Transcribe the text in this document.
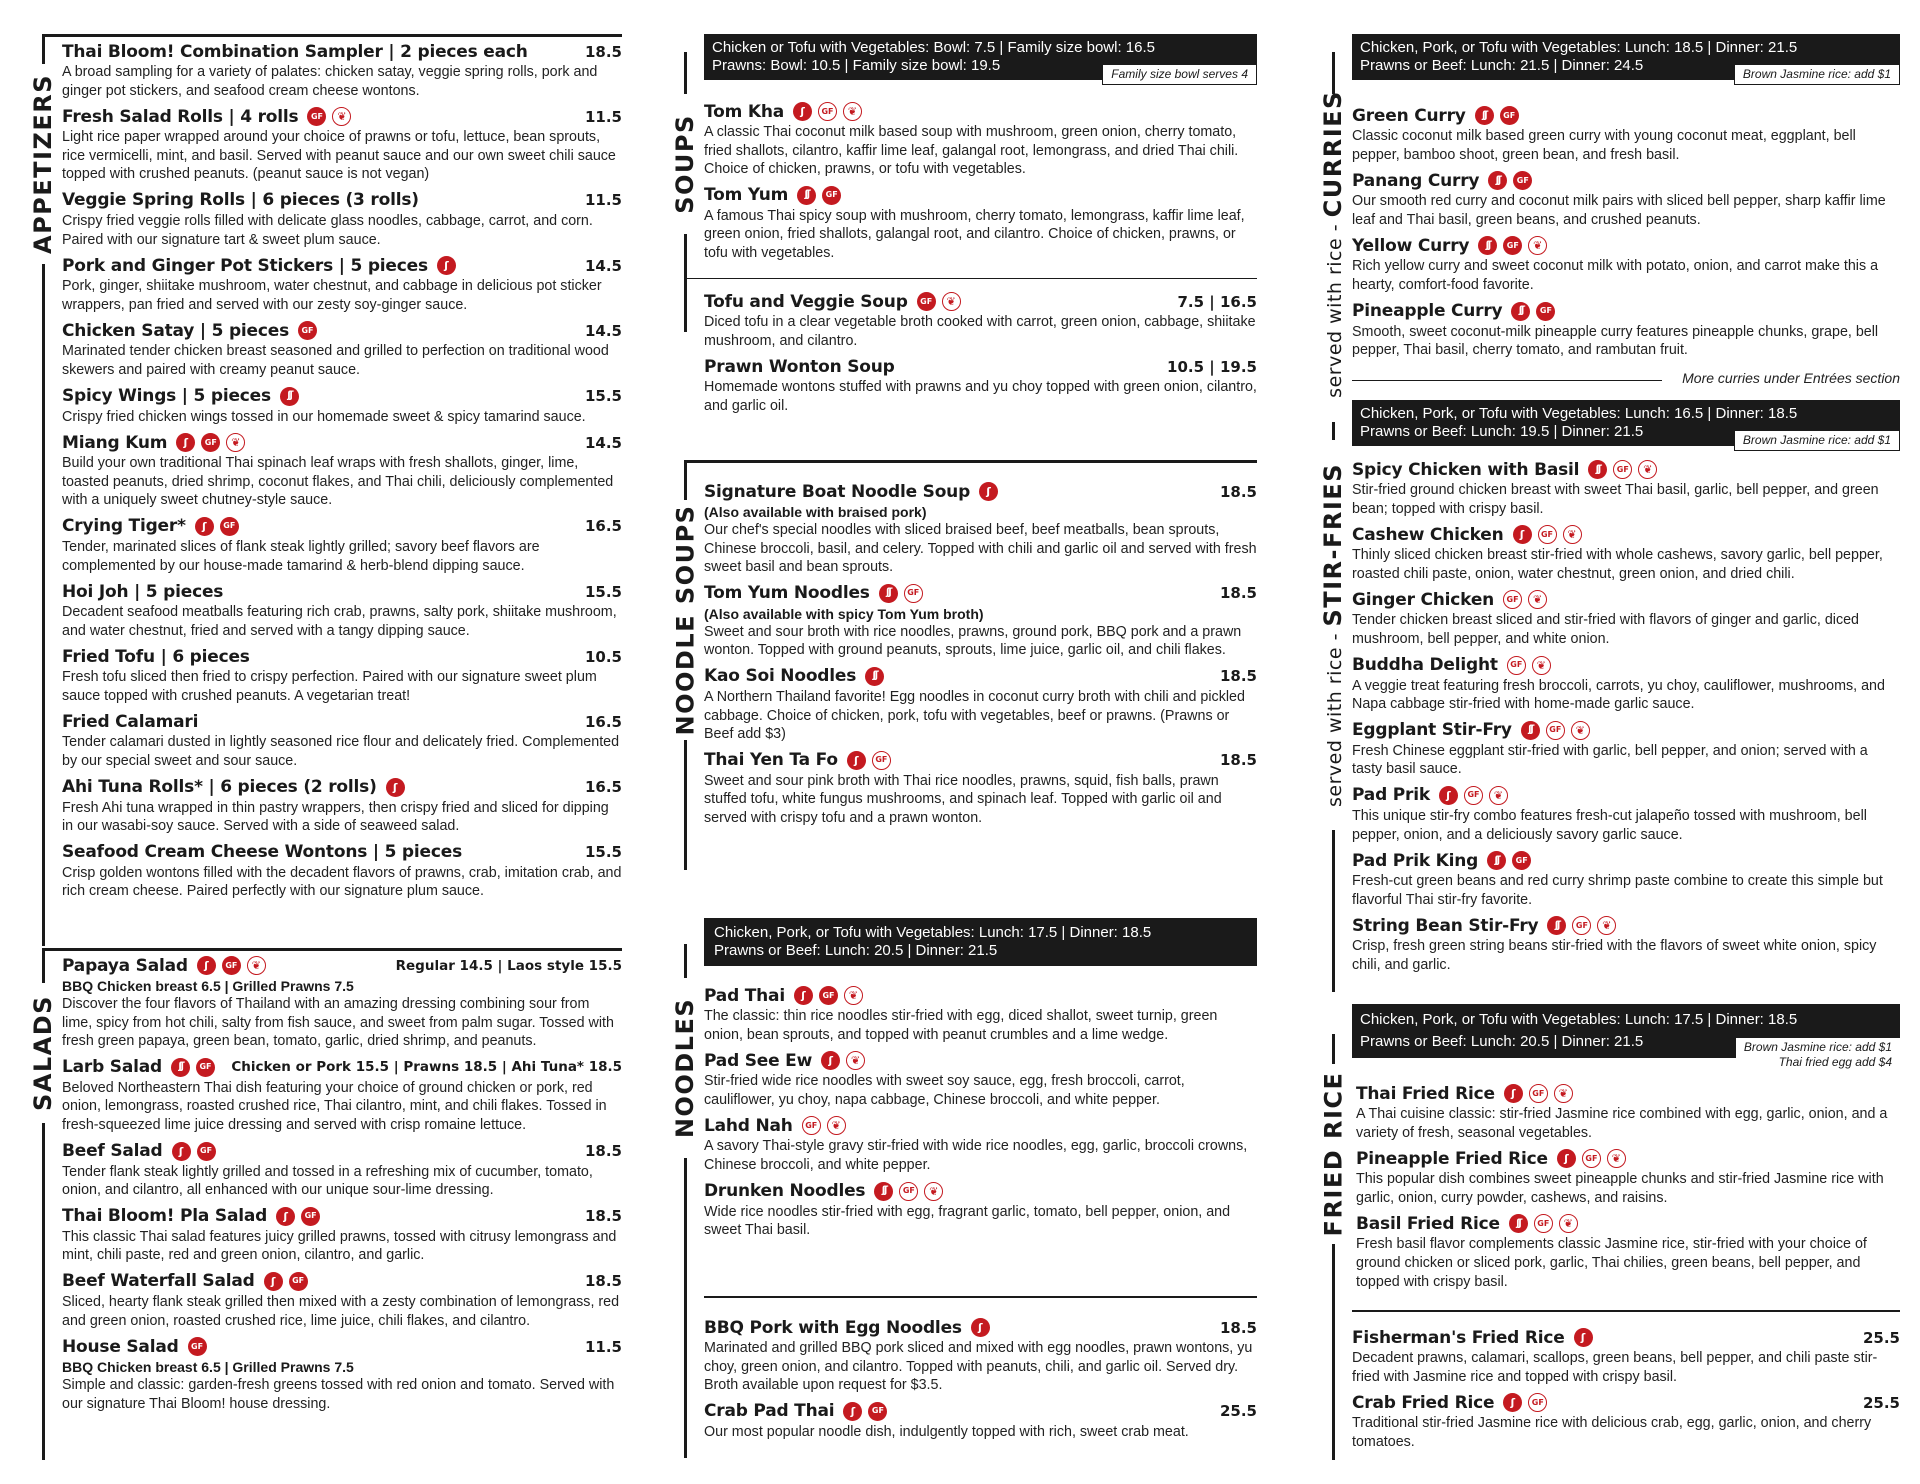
APPETIZERS
Thai Bloom! Combination Sampler | 2 pieces each	18.5
A broad sampling for a variety of palates: chicken satay, veggie spring rolls, pork and ginger pot stickers, and seafood cream cheese wontons.
Fresh Salad Rolls | 4 rolls	GF	❦	11.5
Light rice paper wrapped around your choice of prawns or tofu, lettuce, bean sprouts, rice vermicelli, mint, and basil. Served with peanut sauce and our own sweet chili sauce topped with crushed peanuts. (peanut sauce is not vegan)
Veggie Spring Rolls | 6 pieces (3 rolls)	11.5
Crispy fried veggie rolls filled with delicate glass noodles, cabbage, carrot, and corn. Paired with our signature tart & sweet plum sauce.
Pork and Ginger Pot Stickers | 5 pieces	ʃ	14.5
Pork, ginger, shiitake mushroom, water chestnut, and cabbage in delicious pot sticker wrappers, pan fried and served with our zesty soy-ginger sauce.
Chicken Satay | 5 pieces	GF	14.5
Marinated tender chicken breast seasoned and grilled to perfection on traditional wood skewers and paired with creamy peanut sauce.
Spicy Wings | 5 pieces	ʃʃ	15.5
Crispy fried chicken wings tossed in our homemade sweet & spicy tamarind sauce.
Miang Kum	ʃ	GF	❦	14.5
Build your own traditional Thai spinach leaf wraps with fresh shallots, ginger, lime, toasted peanuts, dried shrimp, coconut flakes, and Thai chili, deliciously complemented with a uniquely sweet chutney-style sauce.
Crying Tiger*	ʃ	GF	16.5
Tender, marinated slices of flank steak lightly grilled; savory beef flavors are complemented by our house-made tamarind & herb-blend dipping sauce.
Hoi Joh | 5 pieces	15.5
Decadent seafood meatballs featuring rich crab, prawns, salty pork, shiitake mushroom, and water chestnut, fried and served with a tangy dipping sauce.
Fried Tofu | 6 pieces	10.5
Fresh tofu sliced then fried to crispy perfection. Paired with our signature sweet plum sauce topped with crushed peanuts. A vegetarian treat!
Fried Calamari	16.5
Tender calamari dusted in lightly seasoned rice flour and delicately fried. Complemented by our special sweet and sour sauce.
Ahi Tuna Rolls* | 6 pieces (2 rolls)	ʃ	16.5
Fresh Ahi tuna wrapped in thin pastry wrappers, then crispy fried and sliced for dipping in our wasabi-soy sauce. Served with a side of seaweed salad.
Seafood Cream Cheese Wontons | 5 pieces	15.5
Crisp golden wontons filled with the decadent flavors of prawns, crab, imitation crab, and rich cream cheese. Paired perfectly with our signature plum sauce.
SALADS
Papaya Salad	ʃ	GF	❦	Regular 14.5 | Laos style 15.5
BBQ Chicken breast 6.5 | Grilled Prawns 7.5
Discover the four flavors of Thailand with an amazing dressing combining sour from lime, spicy from hot chili, salty from fish sauce, and sweet from palm sugar. Tossed with fresh green papaya, green bean, tomato, garlic, dried shrimp, and peanuts.
Larb Salad	ʃʃ	GF Chicken or Pork 15.5 | Prawns 18.5 | Ahi Tuna* 18.5
Beloved Northeastern Thai dish featuring your choice of ground chicken or pork, red onion, lemongrass, roasted crushed rice, Thai cilantro, mint, and chili flakes. Tossed in fresh-squeezed lime juice dressing and served with crisp romaine lettuce.
Beef Salad	ʃ	GF	18.5
Tender flank steak lightly grilled and tossed in a refreshing mix of cucumber, tomato, onion, and cilantro, all enhanced with our unique sour-lime dressing.
Thai Bloom! Pla Salad	ʃ	GF	18.5
This classic Thai salad features juicy grilled prawns, tossed with citrusy lemongrass and mint, chili paste, red and green onion, cilantro, and garlic.
Beef Waterfall Salad	ʃ	GF	18.5
Sliced, hearty flank steak grilled then mixed with a zesty combination of lemongrass, red and green onion, roasted crushed rice, lime juice, chili flakes, and cilantro.
House Salad	GF	11.5
BBQ Chicken breast 6.5 | Grilled Prawns 7.5
Simple and classic: garden-fresh greens tossed with red onion and tomato. Served with our signature Thai Bloom! house dressing.
SOUPS
Chicken or Tofu with Vegetables: Bowl: 7.5 | Family size bowl: 16.5
Prawns: Bowl: 10.5 | Family size bowl: 19.5	Family size bowl serves 4
Tom Kha	ʃ	GF	❦
A classic Thai coconut milk based soup with mushroom, green onion, cherry tomato, fried shallots, cilantro, kaffir lime leaf, galangal root, lemongrass, and dried Thai chili. Choice of chicken, prawns, or tofu with vegetables.
Tom Yum	ʃʃ	GF
A famous Thai spicy soup with mushroom, cherry tomato, lemongrass, kaffir lime leaf, green onion, fried shallots, galangal root, and cilantro. Choice of chicken, prawns, or tofu with vegetables.
Tofu and Veggie Soup	GF	❦	7.5 | 16.5
Diced tofu in a clear vegetable broth cooked with carrot, green onion, cabbage, shiitake mushroom, and cilantro.
Prawn Wonton Soup	10.5 | 19.5
Homemade wontons stuffed with prawns and yu choy topped with green onion, cilantro, and garlic oil.
NOODLE SOUPS
Signature Boat Noodle Soup	ʃ	18.5
(Also available with braised pork)
Our chef's special noodles with sliced braised beef, beef meatballs, bean sprouts, Chinese broccoli, basil, and celery. Topped with chili and garlic oil and served with fresh sweet basil and bean sprouts.
Tom Yum Noodles	ʃʃ	GF	18.5
(Also available with spicy Tom Yum broth)
Sweet and sour broth with rice noodles, prawns, ground pork, BBQ pork and a prawn wonton. Topped with ground peanuts, sprouts, lime juice, garlic oil, and chili flakes.
Kao Soi Noodles	ʃʃ	18.5
A Northern Thailand favorite! Egg noodles in coconut curry broth with chili and pickled cabbage. Choice of chicken, pork, tofu with vegetables, beef or prawns. (Prawns or Beef add $3)
Thai Yen Ta Fo	ʃ	GF	18.5
Sweet and sour pink broth with Thai rice noodles, prawns, squid, fish balls, prawn stuffed tofu, white fungus mushrooms, and spinach leaf. Topped with garlic oil and served with crispy tofu and a prawn wonton.
NOODLES
Chicken, Pork, or Tofu with Vegetables: Lunch: 17.5 | Dinner: 18.5
Prawns or Beef: Lunch: 20.5 | Dinner: 21.5
Pad Thai	ʃ	GF	❦
The classic: thin rice noodles stir-fried with egg, diced shallot, sweet turnip, green onion, bean sprouts, and topped with peanut crumbles and a lime wedge.
Pad See Ew	ʃ	❦
Stir-fried wide rice noodles with sweet soy sauce, egg, fresh broccoli, carrot, cauliflower, yu choy, napa cabbage, Chinese broccoli, and white pepper.
Lahd Nah	GF	❦
A savory Thai-style gravy stir-fried with wide rice noodles, egg, garlic, broccoli crowns, Chinese broccoli, and white pepper.
Drunken Noodles	ʃʃ	GF	❦
Wide rice noodles stir-fried with egg, fragrant garlic, tomato, bell pepper, onion, and sweet Thai basil.
BBQ Pork with Egg Noodles	ʃ	18.5
Marinated and grilled BBQ pork sliced and mixed with egg noodles, prawn wontons, yu choy, green onion, and cilantro. Topped with peanuts, chili, and garlic oil. Served dry. Broth available upon request for $3.5.
Crab Pad Thai	ʃ	GF	25.5
Our most popular noodle dish, indulgently topped with rich, sweet crab meat.
served with rice - CURRIES
Chicken, Pork, or Tofu with Vegetables: Lunch: 18.5 | Dinner: 21.5
Prawns or Beef: Lunch: 21.5 | Dinner: 24.5	Brown Jasmine rice: add $1
Green Curry	ʃʃ	GF
Classic coconut milk based green curry with young coconut meat, eggplant, bell pepper, bamboo shoot, green bean, and fresh basil.
Panang Curry	ʃʃ	GF
Our smooth red curry and coconut milk pairs with sliced bell pepper, sharp kaffir lime leaf and Thai basil, green beans, and crushed peanuts.
Yellow Curry	ʃʃ	GF	❦
Rich yellow curry and sweet coconut milk with potato, onion, and carrot make this a hearty, comfort-food favorite.
Pineapple Curry	ʃʃ	GF
Smooth, sweet coconut-milk pineapple curry features pineapple chunks, grape, bell pepper, Thai basil, cherry tomato, and rambutan fruit.
More curries under Entrées section
served with rice - STIR-FRIES
Chicken, Pork, or Tofu with Vegetables: Lunch: 16.5 | Dinner: 18.5
Prawns or Beef: Lunch: 19.5 | Dinner: 21.5	Brown Jasmine rice: add $1
Spicy Chicken with Basil	ʃʃ	GF	❦
Stir-fried ground chicken breast with sweet Thai basil, garlic, bell pepper, and green bean; topped with crispy basil.
Cashew Chicken	ʃ	GF	❦
Thinly sliced chicken breast stir-fried with whole cashews, savory garlic, bell pepper, roasted chili paste, onion, water chestnut, green onion, and dried chili.
Ginger Chicken	GF	❦
Tender chicken breast sliced and stir-fried with flavors of ginger and garlic, diced mushroom, bell pepper, and white onion.
Buddha Delight	GF	❦
A veggie treat featuring fresh broccoli, carrots, yu choy, cauliflower, mushrooms, and Napa cabbage stir-fried with home-made garlic sauce.
Eggplant Stir-Fry	ʃʃ	GF	❦
Fresh Chinese eggplant stir-fried with garlic, bell pepper, and onion; served with a tasty basil sauce.
Pad Prik	ʃ	GF	❦
This unique stir-fry combo features fresh-cut jalapeño tossed with mushroom, bell pepper, onion, and a deliciously savory garlic sauce.
Pad Prik King	ʃʃ	GF
Fresh-cut green beans and red curry shrimp paste combine to create this simple but flavorful Thai stir-fry favorite.
String Bean Stir-Fry	ʃʃ	GF	❦
Crisp, fresh green string beans stir-fried with the flavors of sweet white onion, spicy chili, and garlic.
FRIED RICE
Chicken, Pork, or Tofu with Vegetables: Lunch: 17.5 | Dinner: 18.5
Prawns or Beef: Lunch: 20.5 | Dinner: 21.5	Brown Jasmine rice: add $1
Thai fried egg add $4
Thai Fried Rice	ʃ	GF	❦
A Thai cuisine classic: stir-fried Jasmine rice combined with egg, garlic, onion, and a variety of fresh, seasonal vegetables.
Pineapple Fried Rice	ʃ	GF	❦
This popular dish combines sweet pineapple chunks and stir-fried Jasmine rice with garlic, onion, curry powder, cashews, and raisins.
Basil Fried Rice	ʃʃ	GF	❦
Fresh basil flavor complements classic Jasmine rice, stir-fried with your choice of ground chicken or sliced pork, garlic, Thai chilies, green beans, bell pepper, and topped with crispy basil.
Fisherman's Fried Rice	ʃ	25.5
Decadent prawns, calamari, scallops, green beans, bell pepper, and chili paste stir-fried with Jasmine rice and topped with crispy basil.
Crab Fried Rice	ʃ	GF	25.5
Traditional stir-fried Jasmine rice with delicious crab, egg, garlic, onion, and cherry tomatoes.
